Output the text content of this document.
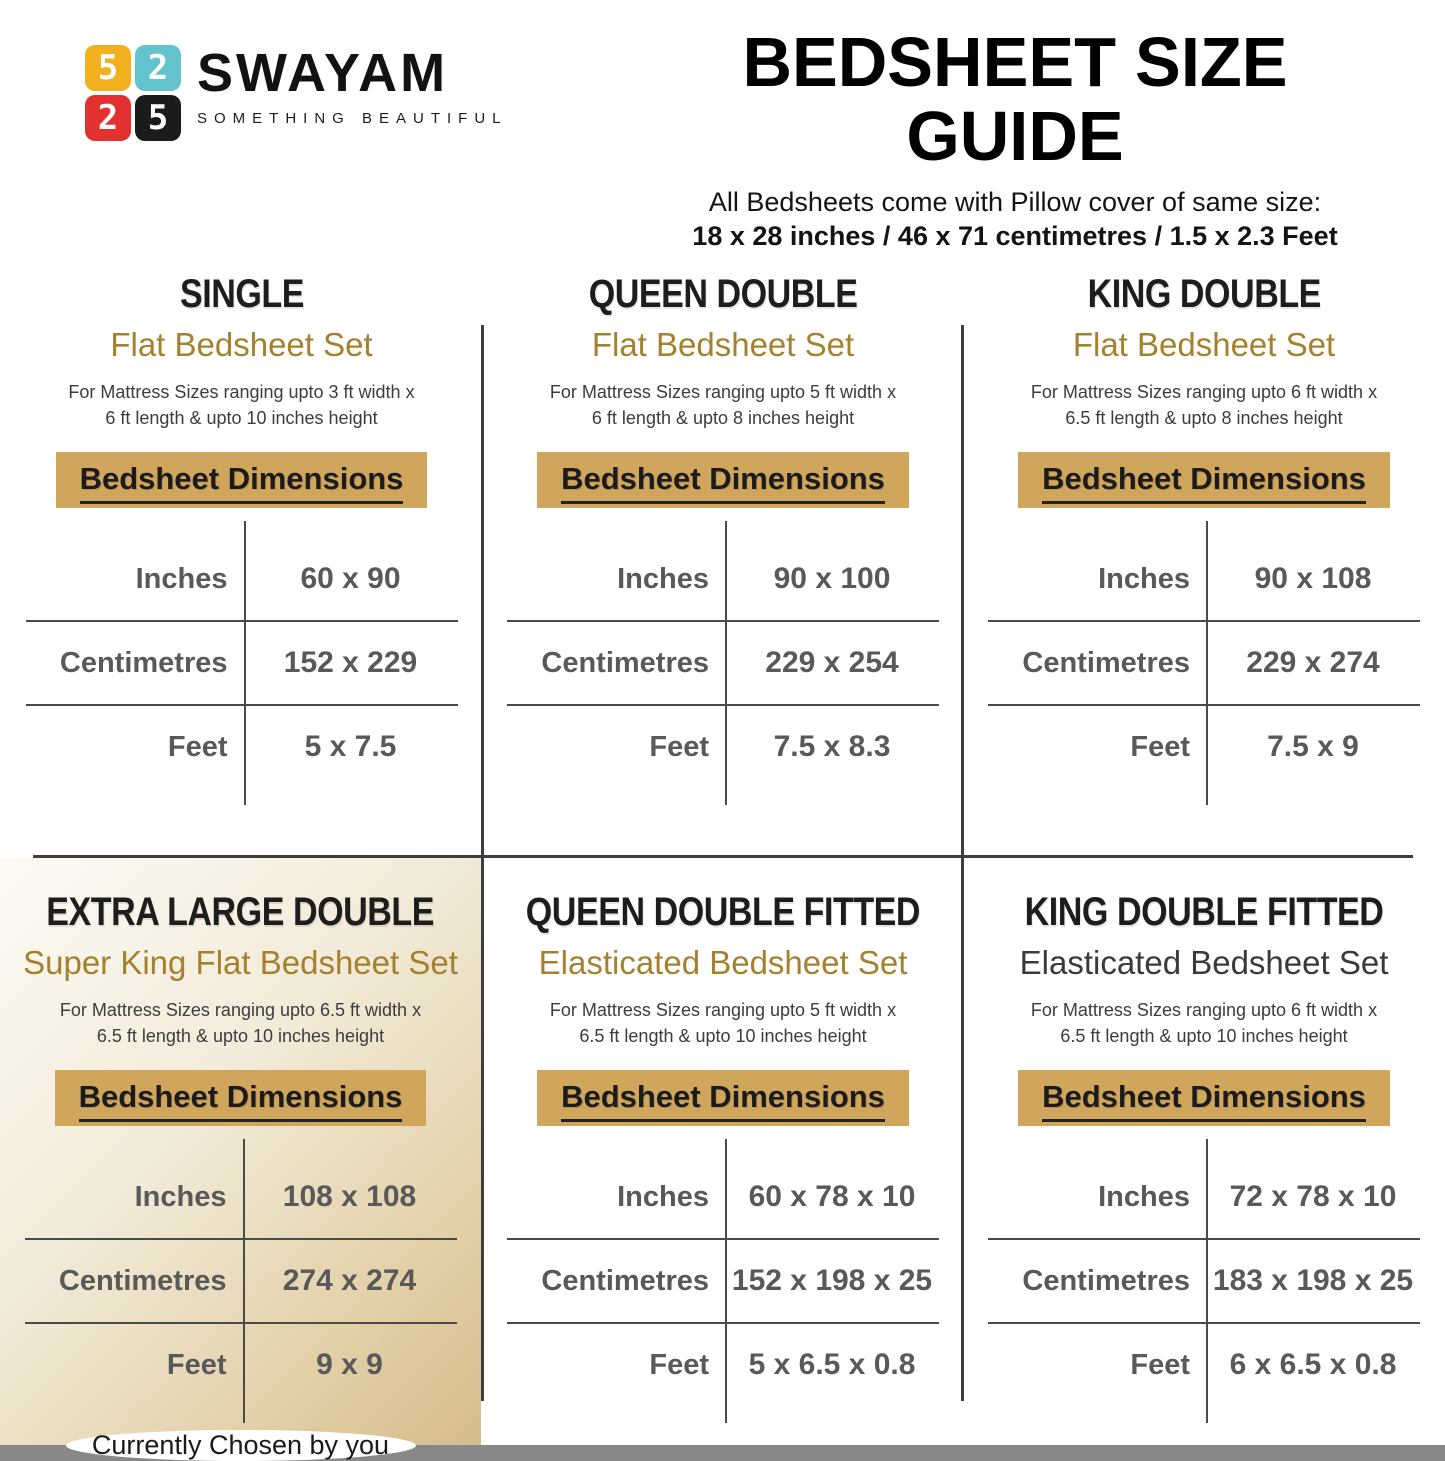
5 2
2 5
SWAYAM
SOMETHING BEAUTIFUL
BEDSHEET SIZE GUIDE
All Bedsheets come with Pillow cover of same size:
18 x 28 inches / 46 x 71 centimetres / 1.5 x 2.3 Feet
SINGLE
Flat Bedsheet Set

For Mattress Sizes ranging upto 3 ft width x
6 ft length & upto 10 inches height

Bedsheet Dimensions
Inches	60 x 90
Centimetres	152 x 229
Feet	5 x 7.5
QUEEN DOUBLE
Flat Bedsheet Set

For Mattress Sizes ranging upto 5 ft width x
6 ft length & upto 8 inches height

Bedsheet Dimensions
Inches	90 x 100
Centimetres	229 x 254
Feet	7.5 x 8.3
KING DOUBLE
Flat Bedsheet Set

For Mattress Sizes ranging upto 6 ft width x
6.5 ft length & upto 8 inches height

Bedsheet Dimensions
Inches	90 x 108
Centimetres	229 x 274
Feet	7.5 x 9
EXTRA LARGE DOUBLE
Super King Flat Bedsheet Set

For Mattress Sizes ranging upto 6.5 ft width x
6.5 ft length & upto 10 inches height

Bedsheet Dimensions
Inches	108 x 108
Centimetres	274 x 274
Feet	9 x 9
Currently Chosen by you
QUEEN DOUBLE FITTED
Elasticated Bedsheet Set

For Mattress Sizes ranging upto 5 ft width x
6.5 ft length & upto 10 inches height

Bedsheet Dimensions
Inches	60 x 78 x 10
Centimetres 152 x 198 x 25
Feet	5 x 6.5 x 0.8
KING DOUBLE FITTED
Elasticated Bedsheet Set

For Mattress Sizes ranging upto 6 ft width x
6.5 ft length & upto 10 inches height

Bedsheet Dimensions
Inches	72 x 78 x 10
Centimetres 183 x 198 x 25
Feet	6 x 6.5 x 0.8
